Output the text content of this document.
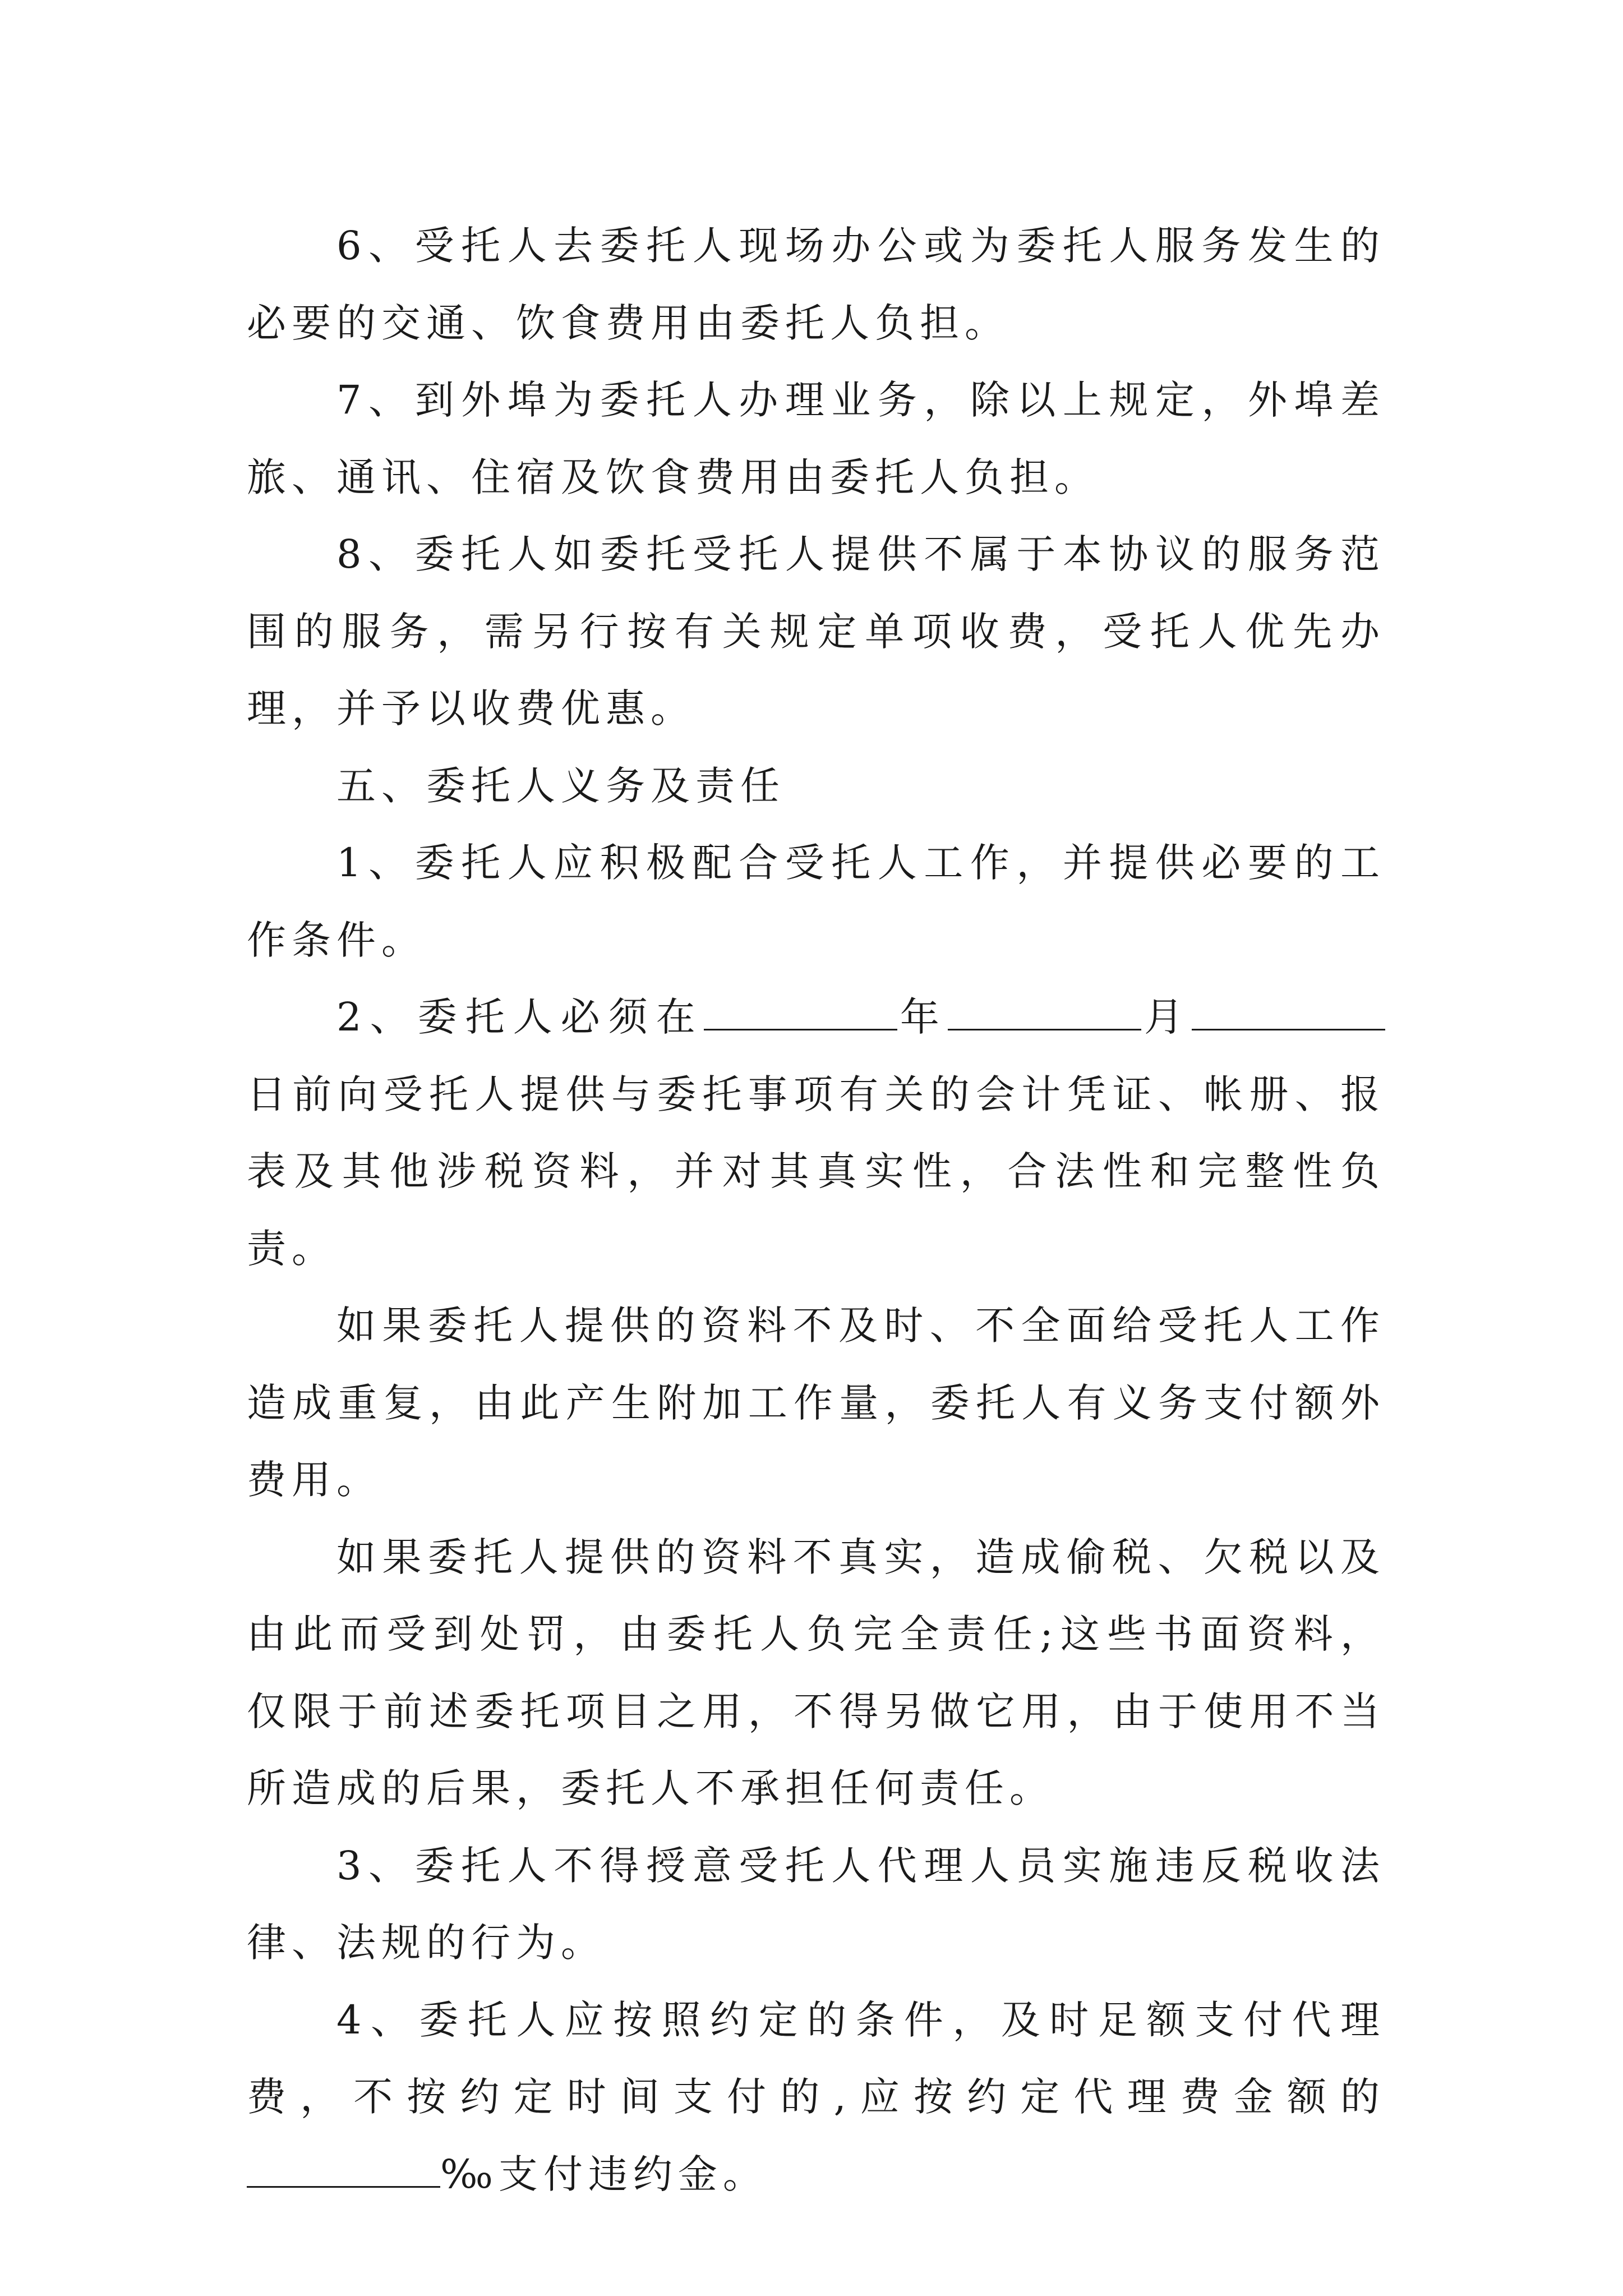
6、受托人去委托人现场办公或为委托人服务发生的必要的交通、饮食费用由委托人负担。

7、到外埠为委托人办理业务，除以上规定，外埠差旅、通讯、住宿及饮食费用由委托人负担。

8、委托人如委托受托人提供不属于本协议的服务范围的服务，需另行按有关规定单项收费，受托人优先办理，并予以收费优惠。

五、委托人义务及责任

1、委托人应积极配合受托人工作，并提供必要的工作条件。

2、委托人必须在	年	月日前向受托人提供与委托事项有关的会计凭证、帐册、报表及其他涉税资料，并对其真实性，合法性和完整性负责。

如果委托人提供的资料不及时、不全面给受托人工作造成重复，由此产生附加工作量，委托人有义务支付额外费用。

如果委托人提供的资料不真实，造成偷税、欠税以及由此而受到处罚，由委托人负完全责任;这些书面资料，仅限于前述委托项目之用，不得另做它用，由于使用不当所造成的后果，委托人不承担任何责任。

3、委托人不得授意受托人代理人员实施违反税收法律、法规的行为。

4、委托人应按照约定的条件，及时足额支付代理费，不按约定时间支付的,应按约定代理费金额的‰支付违约金。
